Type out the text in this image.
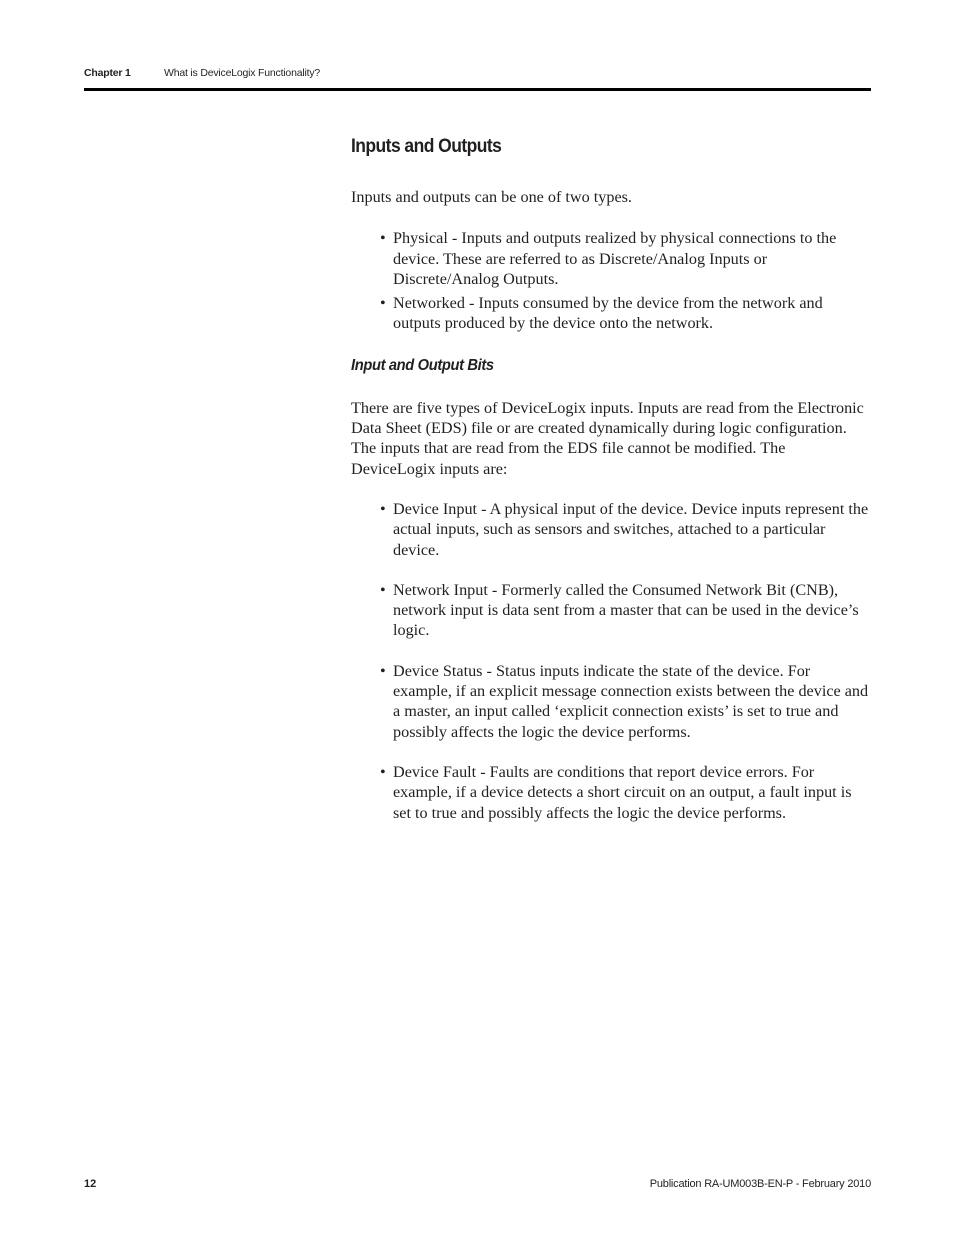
Chapter 1	What is DeviceLogix Functionality?
Inputs and Outputs

Inputs and outputs can be one of two types.

• Physical - Inputs and outputs realized by physical connections to the device. These are referred to as Discrete/Analog Inputs or Discrete/Analog Outputs.
• Networked - Inputs consumed by the device from the network and outputs produced by the device onto the network.
Input and Output Bits

There are five types of DeviceLogix inputs. Inputs are read from the Electronic Data Sheet (EDS) file or are created dynamically during logic configuration. The inputs that are read from the EDS file cannot be modified. The DeviceLogix inputs are:

• Device Input - A physical input of the device. Device inputs represent the actual inputs, such as sensors and switches, attached to a particular device.
• Network Input - Formerly called the Consumed Network Bit (CNB), network input is data sent from a master that can be used in the device’s logic.
• Device Status - Status inputs indicate the state of the device. For example, if an explicit message connection exists between the device and a master, an input called ‘explicit connection exists’ is set to true and possibly affects the logic the device performs.
• Device Fault - Faults are conditions that report device errors. For example, if a device detects a short circuit on an output, a fault input is set to true and possibly affects the logic the device performs.
12	Publication RA-UM003B-EN-P - February 2010
